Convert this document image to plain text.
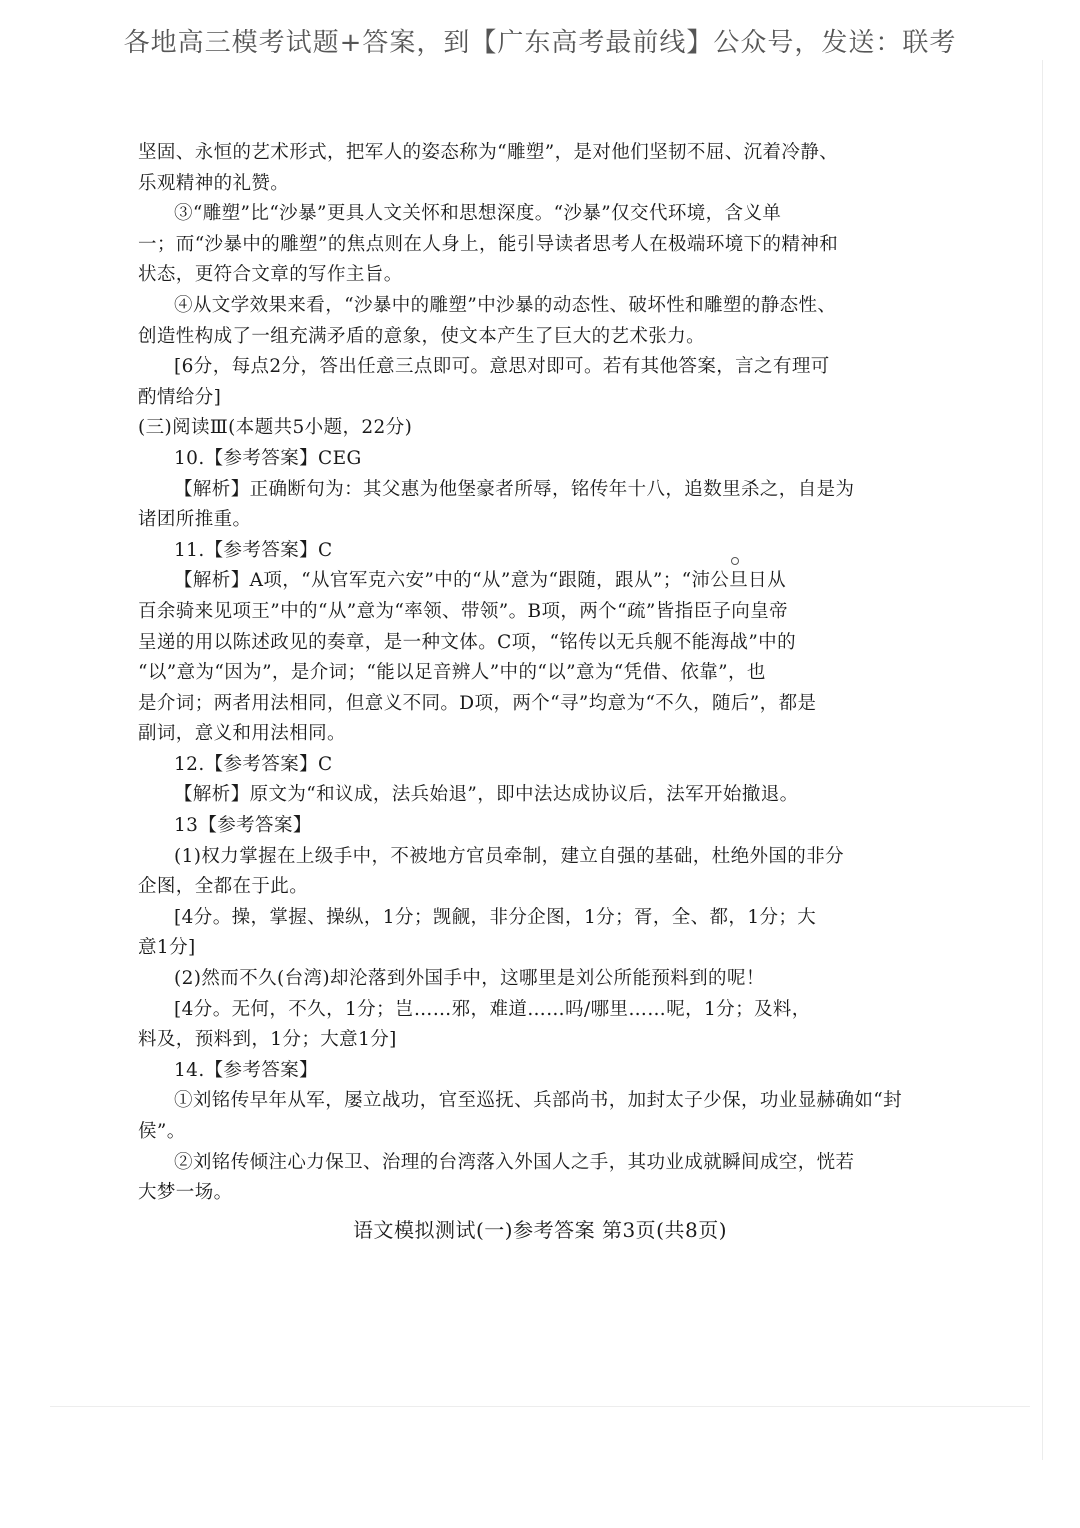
各地高三模考试题+答案，到【广东高考最前线】公众号，发送：联考
坚固、永恒的艺术形式，把军人的姿态称为“雕塑”，是对他们坚韧不屈、沉着冷静、
乐观精神的礼赞。
③“雕塑”比“沙暴”更具人文关怀和思想深度。“沙暴”仅交代环境，含义单
一；而“沙暴中的雕塑”的焦点则在人身上，能引导读者思考人在极端环境下的精神和
状态，更符合文章的写作主旨。
④从文学效果来看，“沙暴中的雕塑”中沙暴的动态性、破坏性和雕塑的静态性、
创造性构成了一组充满矛盾的意象，使文本产生了巨大的艺术张力。
[6分，每点2分，答出任意三点即可。意思对即可。若有其他答案，言之有理可
酌情给分]
(三)阅读Ⅲ(本题共5小题，22分)
10.【参考答案】CEG
【解析】正确断句为：其父惠为他堡豪者所辱，铭传年十八，追数里杀之，自是为
诸团所推重。
11.【参考答案】C
【解析】A项，“从官军克六安”中的“从”意为“跟随，跟从”；“沛公旦日从
百余骑来见项王”中的“从”意为“率领、带领”。B项，两个“疏”皆指臣子向皇帝
呈递的用以陈述政见的奏章，是一种文体。C项，“铭传以无兵舰不能海战”中的
“以”意为“因为”，是介词；“能以足音辨人”中的“以”意为“凭借、依靠”，也
是介词；两者用法相同，但意义不同。D项，两个“寻”均意为“不久，随后”，都是
副词，意义和用法相同。
12.【参考答案】C
【解析】原文为“和议成，法兵始退”，即中法达成协议后，法军开始撤退。
13【参考答案】
(1)权力掌握在上级手中，不被地方官员牵制，建立自强的基础，杜绝外国的非分
企图，全都在于此。
[4分。操，掌握、操纵，1分；觊觎，非分企图，1分；胥，全、都，1分；大
意1分]
(2)然而不久(台湾)却沦落到外国手中，这哪里是刘公所能预料到的呢！
[4分。无何，不久，1分；岂……邪，难道……吗/哪里……呢，1分；及料，
料及，预料到，1分；大意1分]
14.【参考答案】
①刘铭传早年从军，屡立战功，官至巡抚、兵部尚书，加封太子少保，功业显赫确如“封
侯”。
②刘铭传倾注心力保卫、治理的台湾落入外国人之手，其功业成就瞬间成空，恍若
大梦一场。
语文模拟测试(一)参考答案 第3页(共8页)
